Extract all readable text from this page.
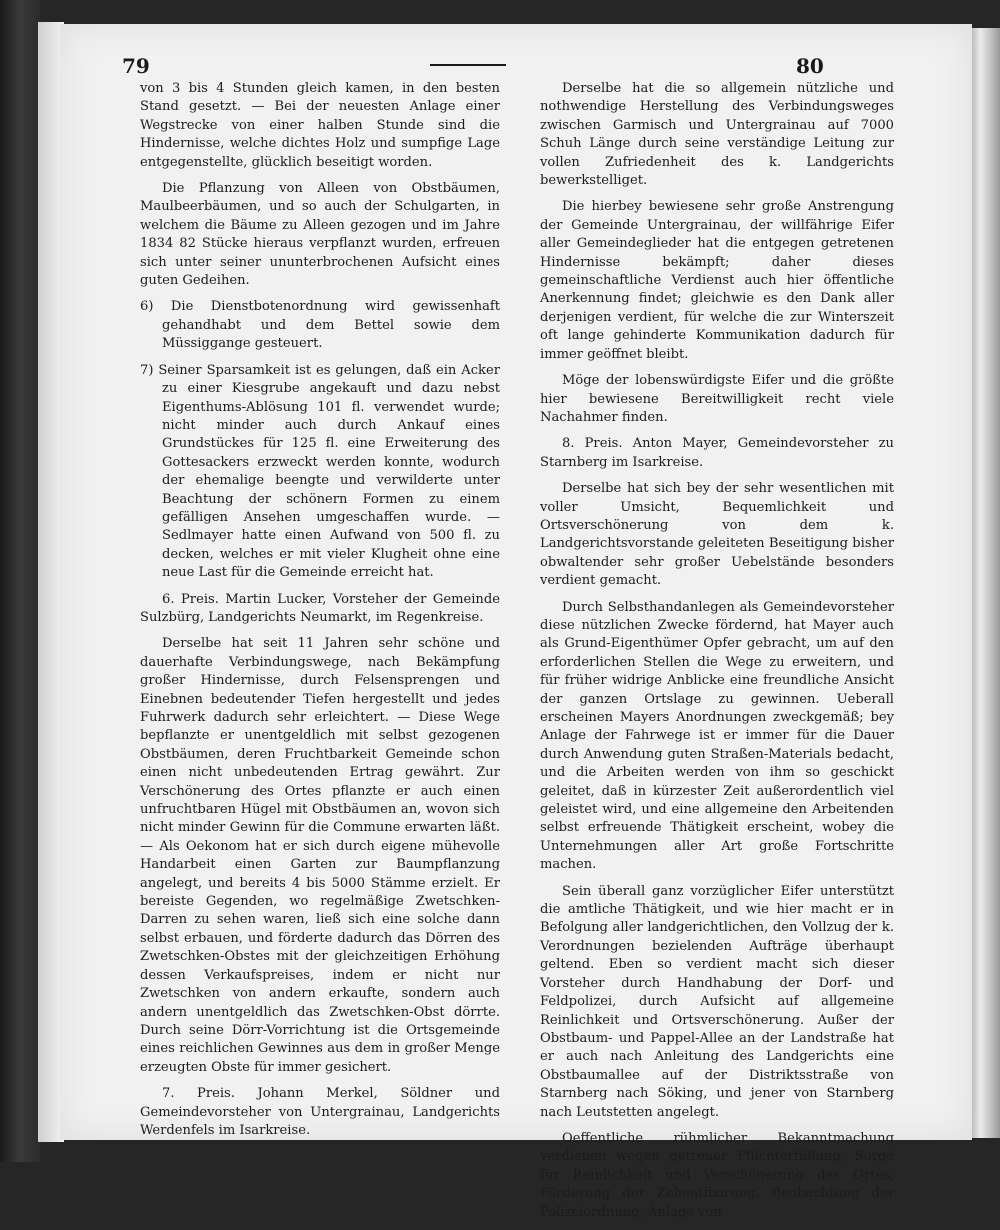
79	80

von 3 bis 4 Stunden gleich kamen, in den besten Stand gesetzt. — Bei der neuesten Anlage einer Wegstrecke von einer halben Stunde sind die Hindernisse, welche dichtes Holz und sumpfige Lage entgegenstellte, glücklich beseitigt worden.

Die Pflanzung von Alleen von Obstbäumen, Maulbeerbäumen, und so auch der Schulgarten, in welchem die Bäume zu Alleen gezogen und im Jahre 1834 82 Stücke hieraus verpflanzt wurden, erfreuen sich unter seiner ununterbrochenen Aufsicht eines guten Gedeihen.

6) Die Dienstbotenordnung wird gewissenhaft gehandhabt und dem Bettel sowie dem Müssiggange gesteuert.

7) Seiner Sparsamkeit ist es gelungen, daß ein Acker zu einer Kiesgrube angekauft und dazu nebst Eigenthums-Ablösung 101 fl. verwendet wurde; nicht minder auch durch Ankauf eines Grundstückes für 125 fl. eine Erweiterung des Gottesackers erzweckt werden konnte, wodurch der ehemalige beengte und verwilderte unter Beachtung der schönern Formen zu einem gefälligen Ansehen umgeschaffen wurde. — Sedlmayer hatte einen Aufwand von 500 fl. zu decken, welches er mit vieler Klugheit ohne eine neue Last für die Gemeinde erreicht hat.

6. Preis. Martin Lucker, Vorsteher der Gemeinde Sulzbürg, Landgerichts Neumarkt, im Regenkreise.

Derselbe hat seit 11 Jahren sehr schöne und dauerhafte Verbindungswege, nach Bekämpfung großer Hindernisse, durch Felsensprengen und Einebnen bedeutender Tiefen hergestellt und jedes Fuhrwerk dadurch sehr erleichtert. — Diese Wege bepflanzte er unentgeldlich mit selbst gezogenen Obstbäumen, deren Fruchtbarkeit Gemeinde schon einen nicht unbedeutenden Ertrag gewährt. Zur Verschönerung des Ortes pflanzte er auch einen unfruchtbaren Hügel mit Obstbäumen an, wovon sich nicht minder Gewinn für die Commune erwarten läßt. — Als Oekonom hat er sich durch eigene mühevolle Handarbeit einen Garten zur Baumpflanzung angelegt, und bereits 4 bis 5000 Stämme erzielt. Er bereiste Gegenden, wo regelmäßige Zwetschken-Darren zu sehen waren, ließ sich eine solche dann selbst erbauen, und förderte dadurch das Dörren des Zwetschken-Obstes mit der gleichzeitigen Erhöhung dessen Verkaufspreises, indem er nicht nur Zwetschken von andern erkaufte, sondern auch andern unentgeldlich das Zwetschken-Obst dörrte. Durch seine Dörr-Vorrichtung ist die Ortsgemeinde eines reichlichen Gewinnes aus dem in großer Menge erzeugten Obste für immer gesichert.

7. Preis. Johann Merkel, Söldner und Gemeindevorsteher von Untergrainau, Landgerichts Werdenfels im Isarkreise.

Derselbe hat die so allgemein nützliche und nothwendige Herstellung des Verbindungsweges zwischen Garmisch und Untergrainau auf 7000 Schuh Länge durch seine verständige Leitung zur vollen Zufriedenheit des k. Landgerichts bewerkstelliget.

Die hierbey bewiesene sehr große Anstrengung der Gemeinde Untergrainau, der willfährige Eifer aller Gemeindeglieder hat die entgegen getretenen Hindernisse bekämpft; daher dieses gemeinschaftliche Verdienst auch hier öffentliche Anerkennung findet; gleichwie es den Dank aller derjenigen verdient, für welche die zur Winterszeit oft lange gehinderte Kommunikation dadurch für immer geöffnet bleibt.

Möge der lobenswürdigste Eifer und die größte hier bewiesene Bereitwilligkeit recht viele Nachahmer finden.

8. Preis. Anton Mayer, Gemeindevorsteher zu Starnberg im Isarkreise.

Derselbe hat sich bey der sehr wesentlichen mit voller Umsicht, Bequemlichkeit und Ortsverschönerung von dem k. Landgerichtsvorstande geleiteten Beseitigung bisher obwaltender sehr großer Uebelstände besonders verdient gemacht.

Durch Selbsthandanlegen als Gemeindevorsteher diese nützlichen Zwecke fördernd, hat Mayer auch als Grund-Eigenthümer Opfer gebracht, um auf den erforderlichen Stellen die Wege zu erweitern, und für früher widrige Anblicke eine freundliche Ansicht der ganzen Ortslage zu gewinnen. Ueberall erscheinen Mayers Anordnungen zweckgemäß; bey Anlage der Fahrwege ist er immer für die Dauer durch Anwendung guten Straßen-Materials bedacht, und die Arbeiten werden von ihm so geschickt geleitet, daß in kürzester Zeit außerordentlich viel geleistet wird, und eine allgemeine den Arbeitenden selbst erfreuende Thätigkeit erscheint, wobey die Unternehmungen aller Art große Fortschritte machen.

Sein überall ganz vorzüglicher Eifer unterstützt die amtliche Thätigkeit, und wie hier macht er in Befolgung aller landgerichtlichen, den Vollzug der k. Verordnungen bezielenden Aufträge überhaupt geltend. Eben so verdient macht sich dieser Vorsteher durch Handhabung der Dorf- und Feldpolizei, durch Aufsicht auf allgemeine Reinlichkeit und Ortsverschönerung. Außer der Obstbaum- und Pappel-Allee an der Landstraße hat er auch nach Anleitung des Landgerichts eine Obstbaumallee auf der Distriktsstraße von Starnberg nach Söking, und jener von Starnberg nach Leutstetten angelegt.

Oeffentliche rühmlicher Bekanntmachung verdienen wegen getreuer Pflichterfüllung, Sorge für Reinlichkeit und Verschönerung des Ortes, Förderung der Zehentfixirung, Beobachtung der Polizeiordnung, Anlage von
